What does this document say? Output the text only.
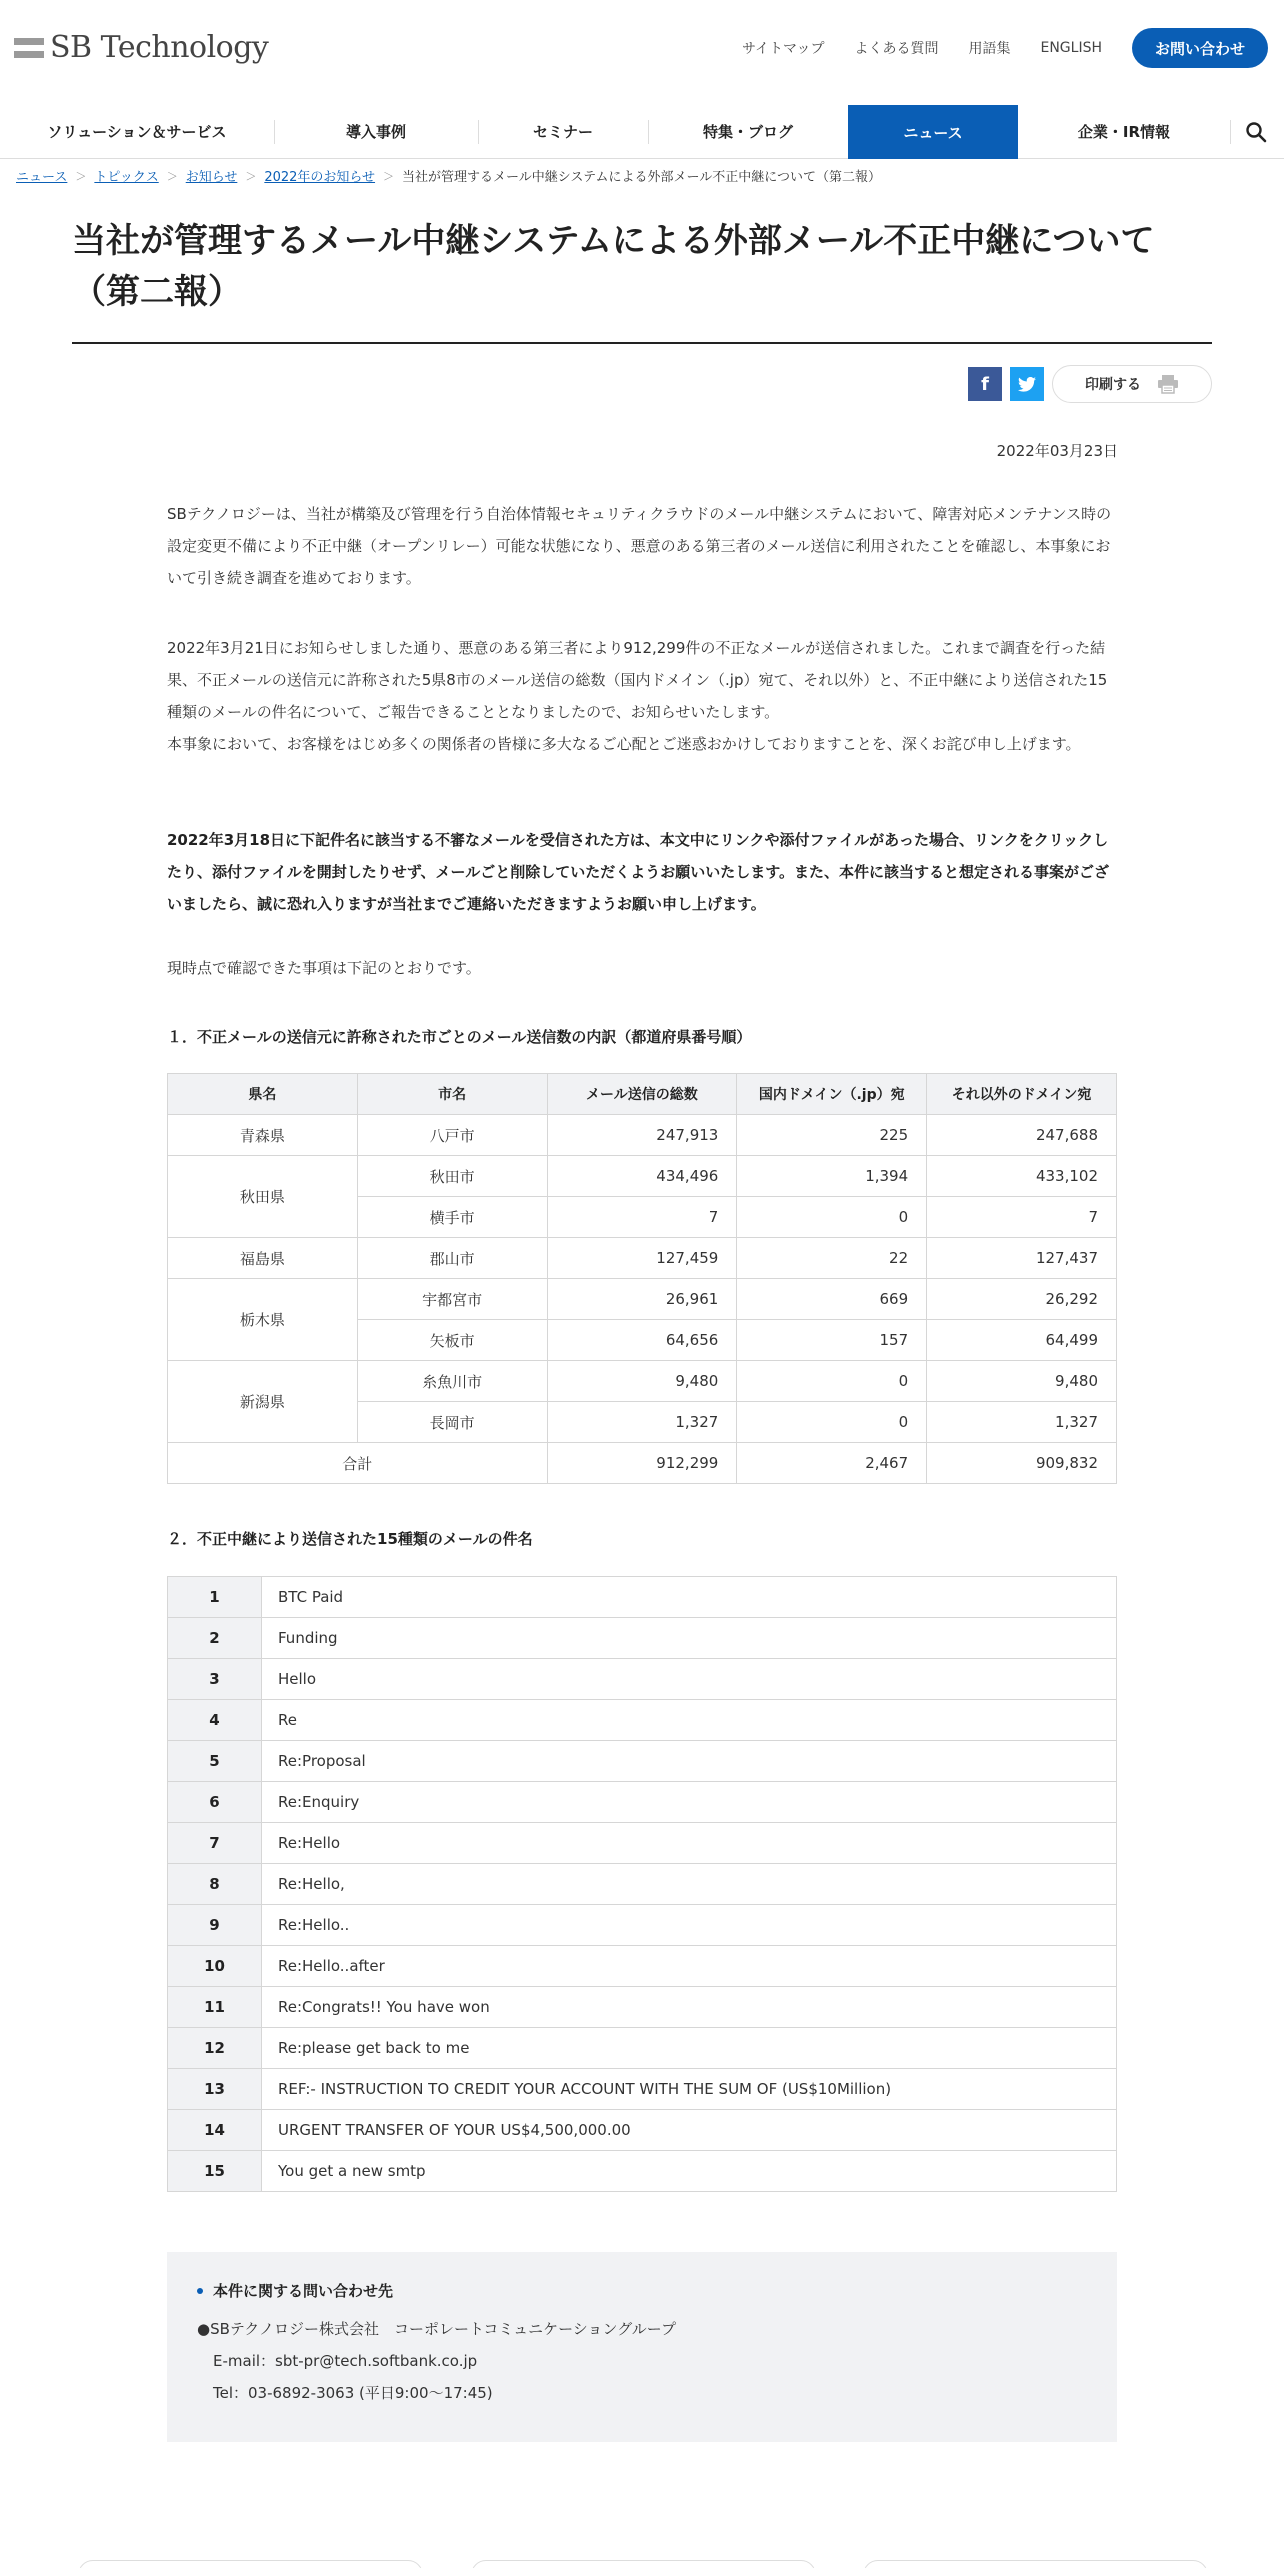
SB Technology	サイトマップ よくある質問 用語集 ENGLISH	お問い合わせ
ソリューション＆サービス	導入事例	セミナー	特集・ブログ	ニュース	企業・IR情報
ニュース ＞ トピックス ＞ お知らせ ＞ 2022年のお知らせ ＞ 当社が管理するメール中継システムによる外部メール不正中継について（第二報）
当社が管理するメール中継システムによる外部メール不正中継について（第二報）
f	印刷する
2022年03月23日

SBテクノロジーは、当社が構築及び管理を行う自治体情報セキュリティクラウドのメール中継システムにおいて、障害対応メンテナンス時の設定変更不備により不正中継（オープンリレー）可能な状態になり、悪意のある第三者のメール送信に利用されたことを確認し、本事象において引き続き調査を進めております。

2022年3月21日にお知らせしました通り、悪意のある第三者により912,299件の不正なメールが送信されました。これまで調査を行った結果、不正メールの送信元に許称された5県8市のメール送信の総数（国内ドメイン（.jp）宛て、それ以外）と、不正中継により送信された15種類のメールの件名について、ご報告できることとなりましたので、お知らせいたします。

本事象において、お客様をはじめ多くの関係者の皆様に多大なるご心配とご迷惑おかけしておりますことを、深くお詫び申し上げます。

2022年3月18日に下記件名に該当する不審なメールを受信された方は、本文中にリンクや添付ファイルがあった場合、リンクをクリックしたり、添付ファイルを開封したりせず、メールごと削除していただくようお願いいたします。また、本件に該当すると想定される事案がございましたら、誠に恐れ入りますが当社までご連絡いただきますようお願い申し上げます。

現時点で確認できた事項は下記のとおりです。

１．不正メールの送信元に許称された市ごとのメール送信数の内訳（都道府県番号順）
県名	市名	メール送信の総数	国内ドメイン（.jp）宛	それ以外のドメイン宛
青森県	八戸市	247,913	225	247,688
秋田県	秋田市	434,496	1,394	433,102
	横手市	7	0	7
福島県	郡山市	127,459	22	127,437
栃木県	宇都宮市	26,961	669	26,292
	矢板市	64,656	157	64,499
新潟県	糸魚川市	9,480	0	9,480
	長岡市	1,327	0	1,327
合計		912,299	2,467	909,832
２．不正中継により送信された15種類のメールの件名
1	BTC Paid
2	Funding
3	Hello
4	Re
5	Re:Proposal
6	Re:Enquiry
7	Re:Hello
8	Re:Hello,
9	Re:Hello..
10	Re:Hello..after
11	Re:Congrats!! You have won
12	Re:please get back to me
13	REF:- INSTRUCTION TO CREDIT YOUR ACCOUNT WITH THE SUM OF (US$10Million)
14	URGENT TRANSFER OF YOUR US$4,500,000.00
15	You get a new smtp
本件に関する問い合わせ先
●SBテクノロジー株式会社　コーポレートコミュニケーショングループ
E-mail：sbt-pr@tech.softbank.co.jp
Tel：03-6892-3063 (平日9:00～17:45)
